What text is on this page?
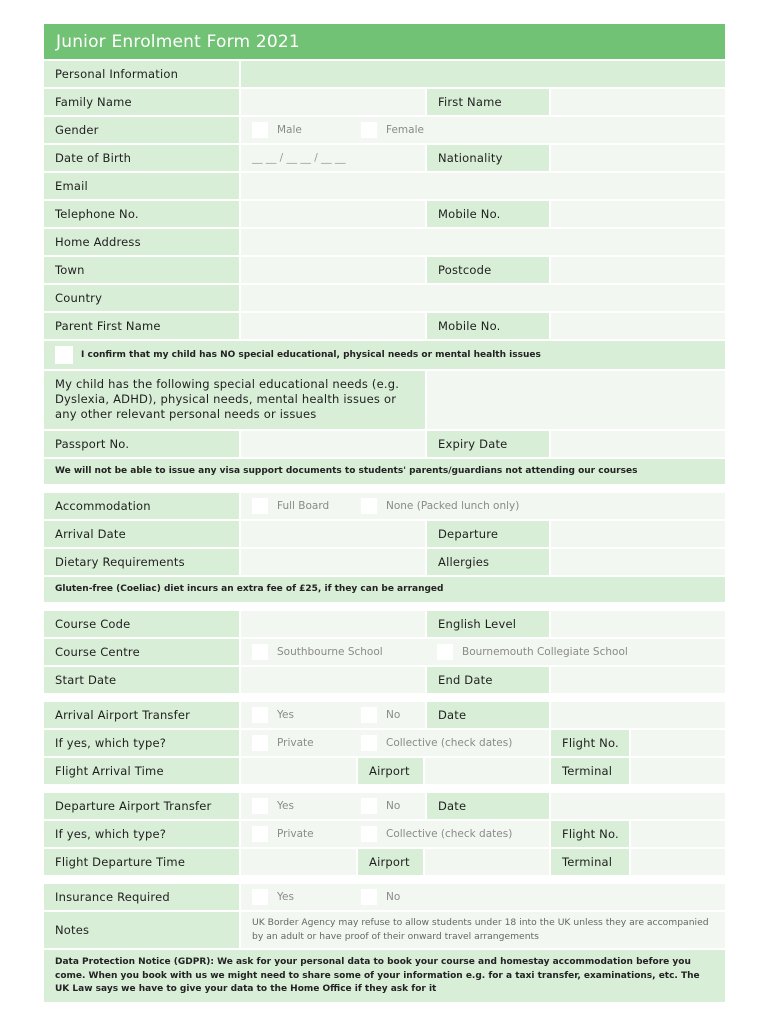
Junior Enrolment Form 2021
Personal Information
Family Name	First Name
Gender	Male	Female
Date of Birth	__ __ / __ __ / __ __	Nationality
Email
Telephone No.	Mobile No.
Home Address
Town	Postcode
Country
Parent First Name	Mobile No.
I confirm that my child has NO special educational, physical needs or mental health issues
My child has the following special educational needs (e.g. Dyslexia, ADHD), physical needs, mental health issues or any other relevant personal needs or issues
Passport No.	Expiry Date
We will not be able to issue any visa support documents to students' parents/guardians not attending our courses
Accommodation	Full Board	None (Packed lunch only)
Arrival Date	Departure
Dietary Requirements	Allergies
Gluten-free (Coeliac) diet incurs an extra fee of £25, if they can be arranged
Course Code	English Level
Course Centre	Southbourne School	Bournemouth Collegiate School
Start Date	End Date
Arrival Airport Transfer	Yes	No	Date
If yes, which type?	Private	Collective (check dates)	Flight No.
Flight Arrival Time	Airport	Terminal
Departure Airport Transfer	Yes	No	Date
If yes, which type?	Private	Collective (check dates)	Flight No.
Flight Departure Time	Airport	Terminal
Insurance Required	Yes	No
Notes
UK Border Agency may refuse to allow students under 18 into the UK unless they are accompanied by an adult or have proof of their onward travel arrangements
Data Protection Notice (GDPR): We ask for your personal data to book your course and homestay accommodation before you come. When you book with us we might need to share some of your information e.g. for a taxi transfer, examinations, etc. The UK Law says we have to give your data to the Home Office if they ask for it
